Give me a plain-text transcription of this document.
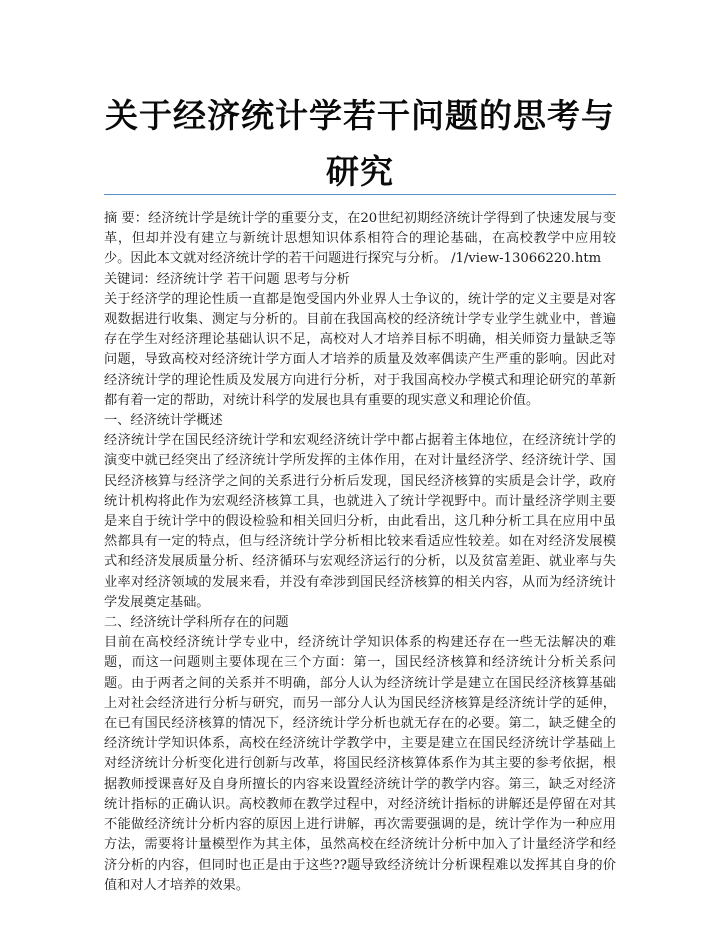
关于经济统计学若干问题的思考与研究

摘 要：经济统计学是统计学的重要分支，在20世纪初期经济统计学得到了快速发展与变革，但却并没有建立与新统计思想知识体系相符合的理论基础，在高校教学中应用较少。因此本文就对经济统计学的若干问题进行探究与分析。 /1/view-13066220.htm

关键词：经济统计学 若干问题 思考与分析

关于经济学的理论性质一直都是饱受国内外业界人士争议的，统计学的定义主要是对客观数据进行收集、测定与分析的。目前在我国高校的经济统计学专业学生就业中，普遍存在学生对经济理论基础认识不足，高校对人才培养目标不明确，相关师资力量缺乏等问题，导致高校对经济统计学方面人才培养的质量及效率偶读产生严重的影响。因此对经济统计学的理论性质及发展方向进行分析，对于我国高校办学模式和理论研究的革新都有着一定的帮助，对统计科学的发展也具有重要的现实意义和理论价值。

一、经济统计学概述

经济统计学在国民经济统计学和宏观经济统计学中都占据着主体地位，在经济统计学的演变中就已经突出了经济统计学所发挥的主体作用，在对计量经济学、经济统计学、国民经济核算与经济学之间的关系进行分析后发现，国民经济核算的实质是会计学，政府统计机构将此作为宏观经济核算工具，也就进入了统计学视野中。而计量经济学则主要是来自于统计学中的假设检验和相关回归分析，由此看出，这几种分析工具在应用中虽然都具有一定的特点，但与经济统计学分析相比较来看适应性较差。如在对经济发展模式和经济发展质量分析、经济循环与宏观经济运行的分析，以及贫富差距、就业率与失业率对经济领域的发展来看，并没有牵涉到国民经济核算的相关内容，从而为经济统计学发展奠定基础。

二、经济统计学科所存在的问题

目前在高校经济统计学专业中，经济统计学知识体系的构建还存在一些无法解决的难题，而这一问题则主要体现在三个方面：第一，国民经济核算和经济统计分析关系问题。由于两者之间的关系并不明确，部分人认为经济统计学是建立在国民经济核算基础上对社会经济进行分析与研究，而另一部分人认为国民经济核算是经济统计学的延伸，在已有国民经济核算的情况下，经济统计学分析也就无存在的必要。第二，缺乏健全的经济统计学知识体系，高校在经济统计学教学中，主要是建立在国民经济统计学基础上对经济统计分析变化进行创新与改革，将国民经济核算体系作为其主要的参考依据，根据教师授课喜好及自身所擅长的内容来设置经济统计学的教学内容。第三，缺乏对经济统计指标的正确认识。高校教师在教学过程中，对经济统计指标的讲解还是停留在对其不能做经济统计分析内容的原因上进行讲解，再次需要强调的是，统计学作为一种应用方法，需要将计量模型作为其主体，虽然高校在经济统计分析中加入了计量经济学和经济分析的内容，但同时也正是由于这些??题导致经济统计分析课程难以发挥其自身的价值和对人才培养的效果。
